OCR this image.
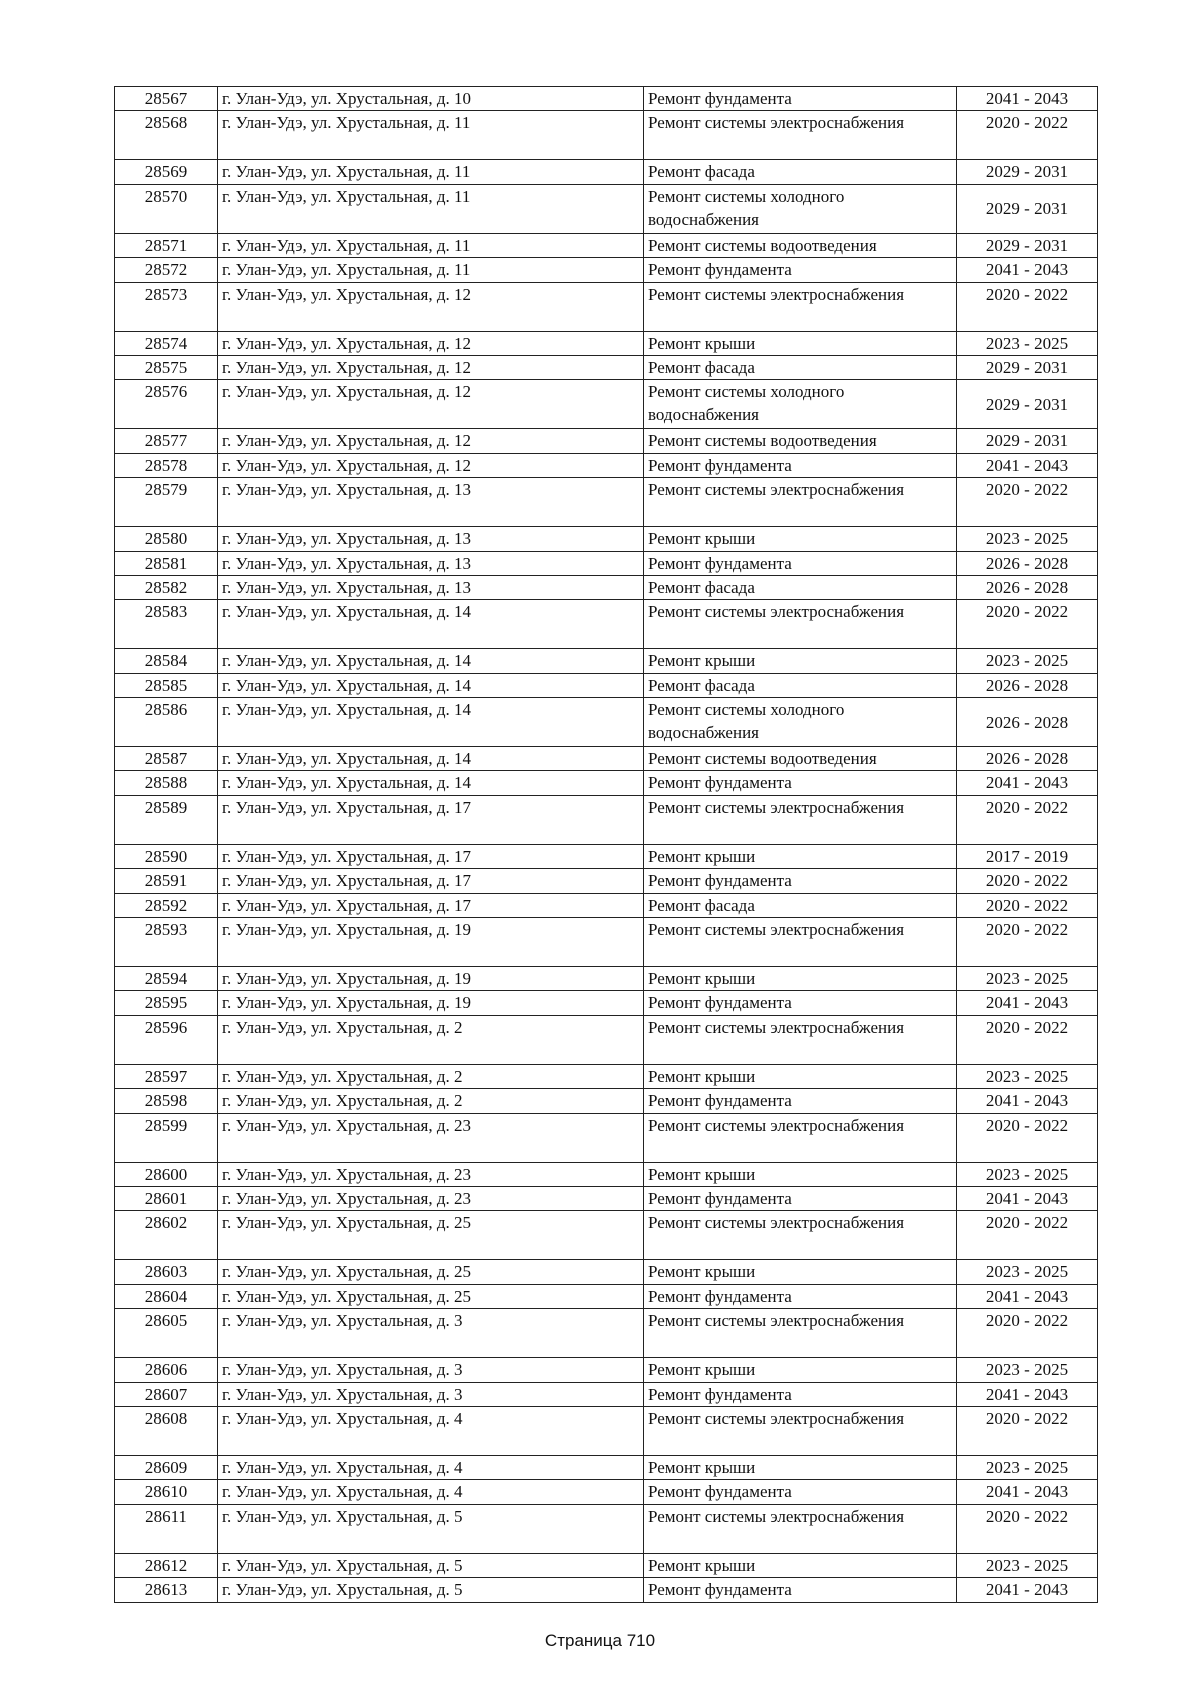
28567	г. Улан-Удэ, ул. Хрустальная, д. 10	Ремонт фундамента	2041 - 2043
28568	г. Улан-Удэ, ул. Хрустальная, д. 11	Ремонт системы электроснабжения	2020 - 2022
28569	г. Улан-Удэ, ул. Хрустальная, д. 11	Ремонт фасада	2029 - 2031
28570	г. Улан-Удэ, ул. Хрустальная, д. 11	Ремонт системы холодного водоснабжения	2029 - 2031
28571	г. Улан-Удэ, ул. Хрустальная, д. 11	Ремонт системы водоотведения	2029 - 2031
28572	г. Улан-Удэ, ул. Хрустальная, д. 11	Ремонт фундамента	2041 - 2043
28573	г. Улан-Удэ, ул. Хрустальная, д. 12	Ремонт системы электроснабжения	2020 - 2022
28574	г. Улан-Удэ, ул. Хрустальная, д. 12	Ремонт крыши	2023 - 2025
28575	г. Улан-Удэ, ул. Хрустальная, д. 12	Ремонт фасада	2029 - 2031
28576	г. Улан-Удэ, ул. Хрустальная, д. 12	Ремонт системы холодного водоснабжения	2029 - 2031
28577	г. Улан-Удэ, ул. Хрустальная, д. 12	Ремонт системы водоотведения	2029 - 2031
28578	г. Улан-Удэ, ул. Хрустальная, д. 12	Ремонт фундамента	2041 - 2043
28579	г. Улан-Удэ, ул. Хрустальная, д. 13	Ремонт системы электроснабжения	2020 - 2022
28580	г. Улан-Удэ, ул. Хрустальная, д. 13	Ремонт крыши	2023 - 2025
28581	г. Улан-Удэ, ул. Хрустальная, д. 13	Ремонт фундамента	2026 - 2028
28582	г. Улан-Удэ, ул. Хрустальная, д. 13	Ремонт фасада	2026 - 2028
28583	г. Улан-Удэ, ул. Хрустальная, д. 14	Ремонт системы электроснабжения	2020 - 2022
28584	г. Улан-Удэ, ул. Хрустальная, д. 14	Ремонт крыши	2023 - 2025
28585	г. Улан-Удэ, ул. Хрустальная, д. 14	Ремонт фасада	2026 - 2028
28586	г. Улан-Удэ, ул. Хрустальная, д. 14	Ремонт системы холодного водоснабжения	2026 - 2028
28587	г. Улан-Удэ, ул. Хрустальная, д. 14	Ремонт системы водоотведения	2026 - 2028
28588	г. Улан-Удэ, ул. Хрустальная, д. 14	Ремонт фундамента	2041 - 2043
28589	г. Улан-Удэ, ул. Хрустальная, д. 17	Ремонт системы электроснабжения	2020 - 2022
28590	г. Улан-Удэ, ул. Хрустальная, д. 17	Ремонт крыши	2017 - 2019
28591	г. Улан-Удэ, ул. Хрустальная, д. 17	Ремонт фундамента	2020 - 2022
28592	г. Улан-Удэ, ул. Хрустальная, д. 17	Ремонт фасада	2020 - 2022
28593	г. Улан-Удэ, ул. Хрустальная, д. 19	Ремонт системы электроснабжения	2020 - 2022
28594	г. Улан-Удэ, ул. Хрустальная, д. 19	Ремонт крыши	2023 - 2025
28595	г. Улан-Удэ, ул. Хрустальная, д. 19	Ремонт фундамента	2041 - 2043
28596	г. Улан-Удэ, ул. Хрустальная, д. 2	Ремонт системы электроснабжения	2020 - 2022
28597	г. Улан-Удэ, ул. Хрустальная, д. 2	Ремонт крыши	2023 - 2025
28598	г. Улан-Удэ, ул. Хрустальная, д. 2	Ремонт фундамента	2041 - 2043
28599	г. Улан-Удэ, ул. Хрустальная, д. 23	Ремонт системы электроснабжения	2020 - 2022
28600	г. Улан-Удэ, ул. Хрустальная, д. 23	Ремонт крыши	2023 - 2025
28601	г. Улан-Удэ, ул. Хрустальная, д. 23	Ремонт фундамента	2041 - 2043
28602	г. Улан-Удэ, ул. Хрустальная, д. 25	Ремонт системы электроснабжения	2020 - 2022
28603	г. Улан-Удэ, ул. Хрустальная, д. 25	Ремонт крыши	2023 - 2025
28604	г. Улан-Удэ, ул. Хрустальная, д. 25	Ремонт фундамента	2041 - 2043
28605	г. Улан-Удэ, ул. Хрустальная, д. 3	Ремонт системы электроснабжения	2020 - 2022
28606	г. Улан-Удэ, ул. Хрустальная, д. 3	Ремонт крыши	2023 - 2025
28607	г. Улан-Удэ, ул. Хрустальная, д. 3	Ремонт фундамента	2041 - 2043
28608	г. Улан-Удэ, ул. Хрустальная, д. 4	Ремонт системы электроснабжения	2020 - 2022
28609	г. Улан-Удэ, ул. Хрустальная, д. 4	Ремонт крыши	2023 - 2025
28610	г. Улан-Удэ, ул. Хрустальная, д. 4	Ремонт фундамента	2041 - 2043
28611	г. Улан-Удэ, ул. Хрустальная, д. 5	Ремонт системы электроснабжения	2020 - 2022
28612	г. Улан-Удэ, ул. Хрустальная, д. 5	Ремонт крыши	2023 - 2025
28613	г. Улан-Удэ, ул. Хрустальная, д. 5	Ремонт фундамента	2041 - 2043
Страница 710
